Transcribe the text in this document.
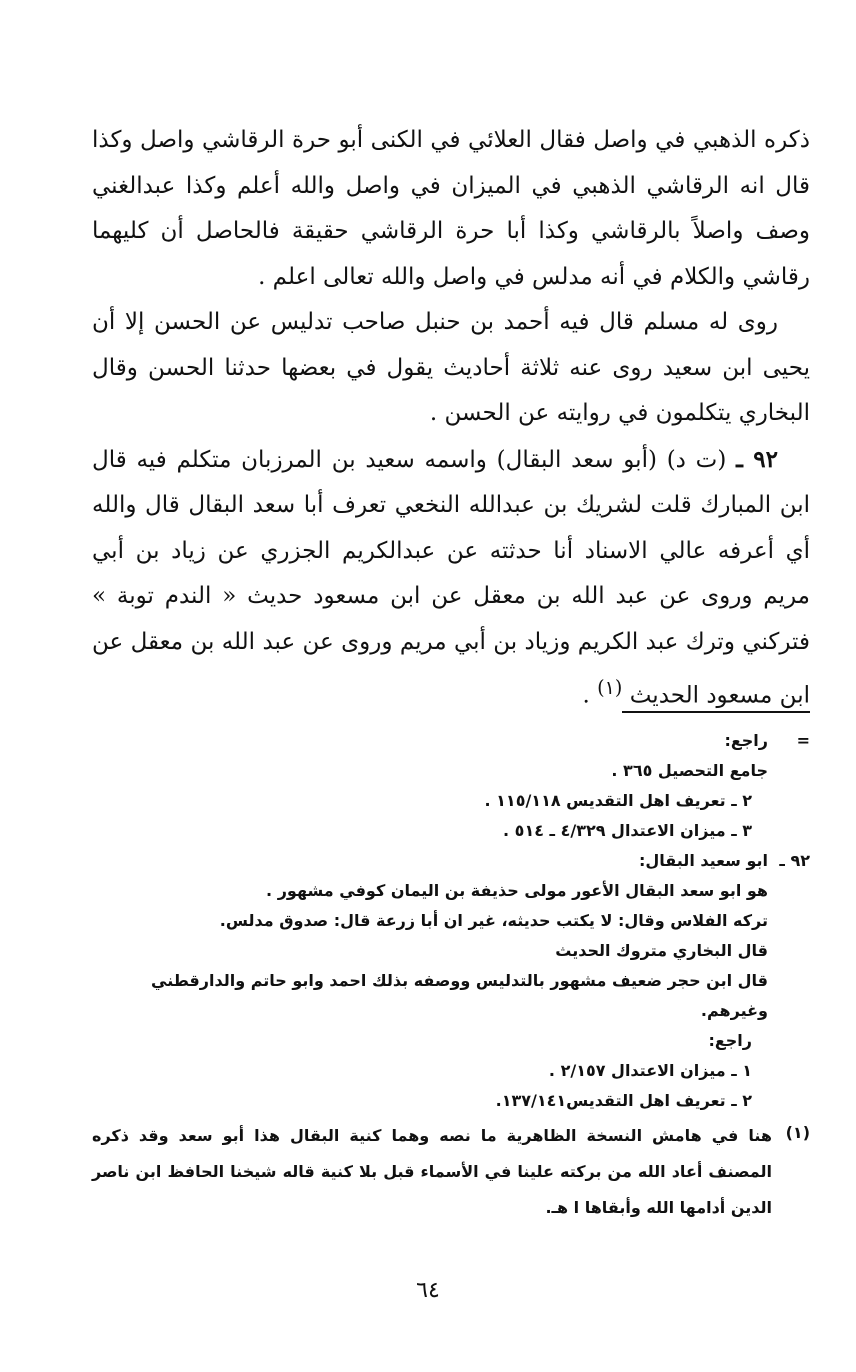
ذكره الذهبي في واصل فقال العلائي في الكنى أبو حرة الرقاشي واصل وكذا قال انه الرقاشي الذهبي في الميزان في واصل والله أعلم وكذا عبدالغني وصف واصلاً بالرقاشي وكذا أبا حرة الرقاشي حقيقة فالحاصل أن كليهما رقاشي والكلام في أنه مدلس في واصل والله تعالى اعلم .

روى له مسلم قال فيه أحمد بن حنبل صاحب تدليس عن الحسن إلا أن يحيى ابن سعيد روى عنه ثلاثة أحاديث يقول في بعضها حدثنا الحسن وقال البخاري يتكلمون في روايته عن الحسن .

٩٢ ـ (ت د) (أبو سعد البقال) واسمه سعيد بن المرزبان متكلم فيه قال ابن المبارك قلت لشريك بن عبدالله النخعي تعرف أبا سعد البقال قال والله أي أعرفه عالي الاسناد أنا حدثته عن عبدالكريم الجزري عن زياد بن أبي مريم وروى عن عبد الله بن معقل عن ابن مسعود حديث « الندم توبة » فتركني وترك عبد الكريم وزياد بن أبي مريم وروى عن عبد الله بن معقل عن ابن مسعود الحديث $^{(١)}$ .

=
راجع:
جامع التحصيل ٣٦٥ .
٢ ـ تعريف اهل التقديس ١١٥/١١٨ .
٣ ـ ميزان الاعتدال ٤/٣٢٩ ـ ٥١٤ .
٩٢ ـ
ابو سعيد البقال:
هو ابو سعد البقال الأعور مولى حذيفة بن اليمان كوفي مشهور .
تركه الفلاس وقال: لا يكتب حديثه، غير ان أبا زرعة قال: صدوق مدلس.
قال البخاري متروك الحديث
قال ابن حجر ضعيف مشهور بالتدليس ووصفه بذلك احمد وابو حاتم والدارقطني وغيرهم.
راجع:
١ ـ ميزان الاعتدال ٢/١٥٧ .
٢ ـ تعريف اهل التقديس١٣٧/١٤١.
(١)
هنا في هامش النسخة الظاهرية ما نصه وهما كنية البقال هذا أبو سعد وقد ذكره المصنف أعاد الله من بركته علينا في الأسماء قبل بلا كنية قاله شيخنا الحافظ ابن ناصر الدين أدامها الله وأبقاها ا هـ.
٦٤
